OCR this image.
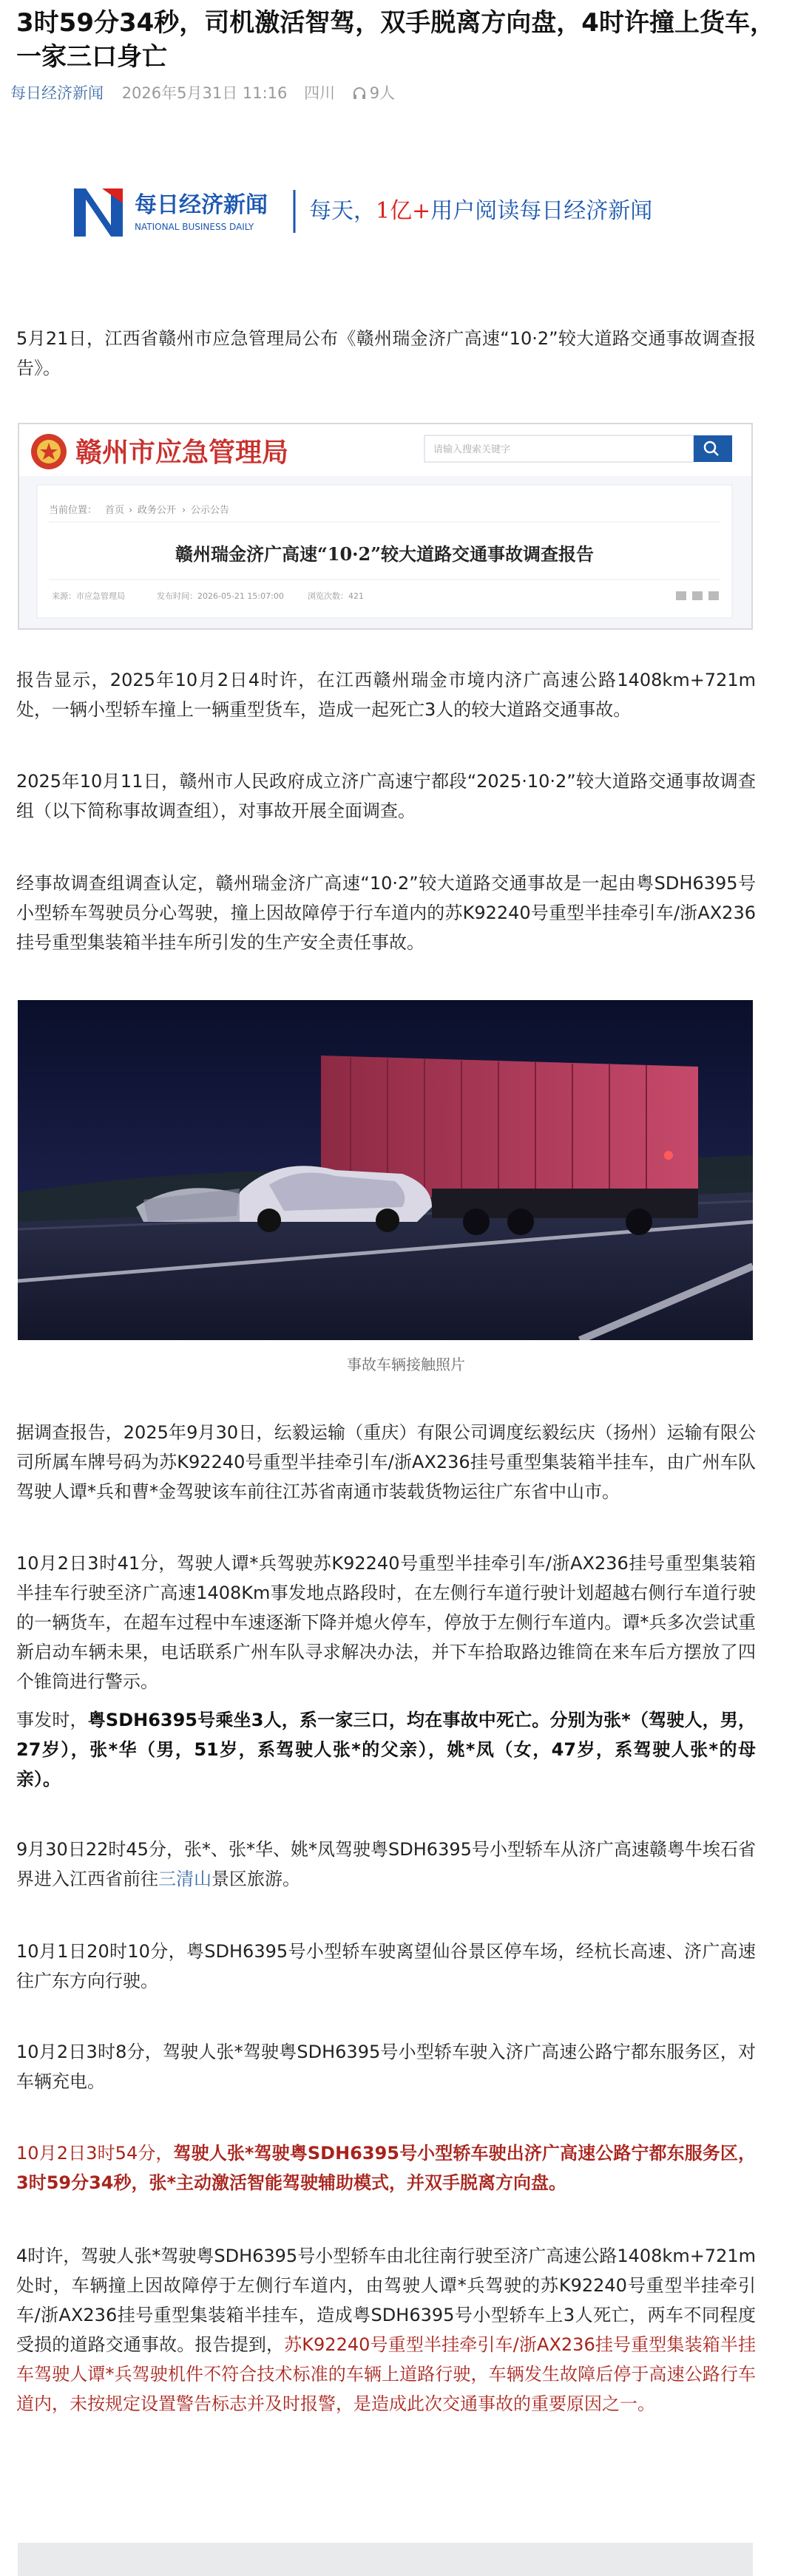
3时59分34秒，司机激活智驾，双手脱离方向盘，4时许撞上货车，一家三口身亡
每日经济新闻 2026年5月31日 11:16 四川 9人
每日经济新闻
NATIONAL BUSINESS DAILY
每天，1亿+用户阅读每日经济新闻

5月21日，江西省赣州市应急管理局公布《赣州瑞金济广高速“10·2”较大道路交通事故调查报告》。

赣州市应急管理局	请输入搜索关键字
当前位置： 首页 › 政务公开 › 公示公告
赣州瑞金济广高速“10·2”较大道路交通事故调查报告
来源：市应急管理局	发布时间：2026-05-21 15:07:00	浏览次数：421

报告显示，2025年10月2日4时许，在江西赣州瑞金市境内济广高速公路1408km+721m处，一辆小型轿车撞上一辆重型货车，造成一起死亡3人的较大道路交通事故。

2025年10月11日，赣州市人民政府成立济广高速宁都段“2025·10·2”较大道路交通事故调查组（以下简称事故调查组），对事故开展全面调查。

经事故调查组调查认定，赣州瑞金济广高速“10·2”较大道路交通事故是一起由粤SDH6395号小型轿车驾驶员分心驾驶，撞上因故障停于行车道内的苏K92240号重型半挂牵引车/浙AX236挂号重型集装箱半挂车所引发的生产安全责任事故。

事故车辆接触照片

据调查报告，2025年9月30日，纭毅运输（重庆）有限公司调度纭毅纭庆（扬州）运输有限公司所属车牌号码为苏K92240号重型半挂牵引车/浙AX236挂号重型集装箱半挂车，由广州车队驾驶人谭*兵和曹*金驾驶该车前往江苏省南通市装载货物运往广东省中山市。

10月2日3时41分，驾驶人谭*兵驾驶苏K92240号重型半挂牵引车/浙AX236挂号重型集装箱半挂车行驶至济广高速1408Km事发地点路段时，在左侧行车道行驶计划超越右侧行车道行驶的一辆货车，在超车过程中车速逐渐下降并熄火停车，停放于左侧行车道内。谭*兵多次尝试重新启动车辆未果，电话联系广州车队寻求解决办法，并下车拾取路边锥筒在来车后方摆放了四个锥筒进行警示。

事发时，粤SDH6395号乘坐3人，系一家三口，均在事故中死亡。分别为张*（驾驶人，男，27岁），张*华（男，51岁，系驾驶人张*的父亲），姚*凤（女，47岁，系驾驶人张*的母亲）。

9月30日22时45分，张*、张*华、姚*凤驾驶粤SDH6395号小型轿车从济广高速赣粤牛埃石省界进入江西省前往三清山景区旅游。

10月1日20时10分，粤SDH6395号小型轿车驶离望仙谷景区停车场，经杭长高速、济广高速往广东方向行驶。

10月2日3时8分，驾驶人张*驾驶粤SDH6395号小型轿车驶入济广高速公路宁都东服务区，对车辆充电。

10月2日3时54分，驾驶人张*驾驶粤SDH6395号小型轿车驶出济广高速公路宁都东服务区，3时59分34秒，张*主动激活智能驾驶辅助模式，并双手脱离方向盘。

4时许，驾驶人张*驾驶粤SDH6395号小型轿车由北往南行驶至济广高速公路1408km+721m处时，车辆撞上因故障停于左侧行车道内，由驾驶人谭*兵驾驶的苏K92240号重型半挂牵引车/浙AX236挂号重型集装箱半挂车，造成粤SDH6395号小型轿车上3人死亡，两车不同程度受损的道路交通事故。报告提到，苏K92240号重型半挂牵引车/浙AX236挂号重型集装箱半挂车驾驶人谭*兵驾驶机件不符合技术标准的车辆上道路行驶，车辆发生故障后停于高速公路行车道内，未按规定设置警告标志并及时报警，是造成此次交通事故的重要原因之一。
